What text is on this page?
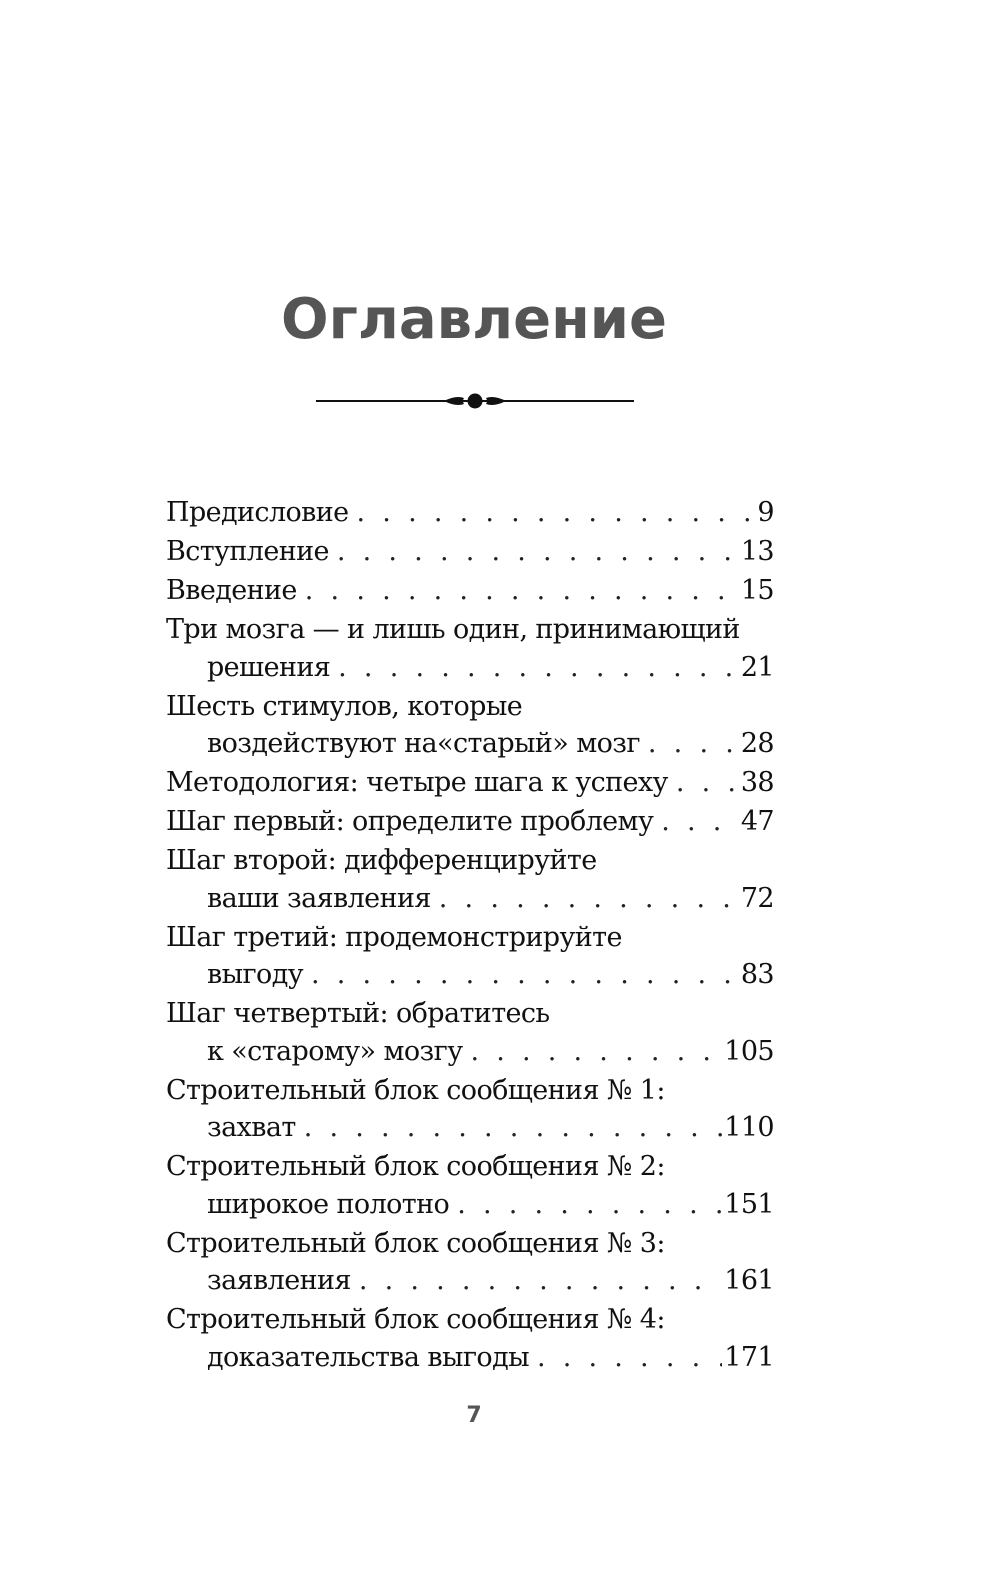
Оглавление
Предисловие . . .	9
Вступление . . .	13
Введение . . .	15
Три мозга — и лишь один, принимающий
решения . . .	21
Шесть стимулов, которые
воздействуют на«старый» мозг . . .	28
Методология: четыре шага к успеху . . .	38
Шаг первый: определите проблему . . .	47
Шаг второй: дифференцируйте
ваши заявления . . .	72
Шаг третий: продемонстрируйте
выгоду . . .	83
Шаг четвертый: обратитесь
к «старому» мозгу . . .	105
Строительный блок сообщения № 1:
захват . . .	110
Строительный блок сообщения № 2:
широкое полотно . . .	151
Строительный блок сообщения № 3:
заявления . . .	161
Строительный блок сообщения № 4:
доказательства выгоды . . .	171
7
